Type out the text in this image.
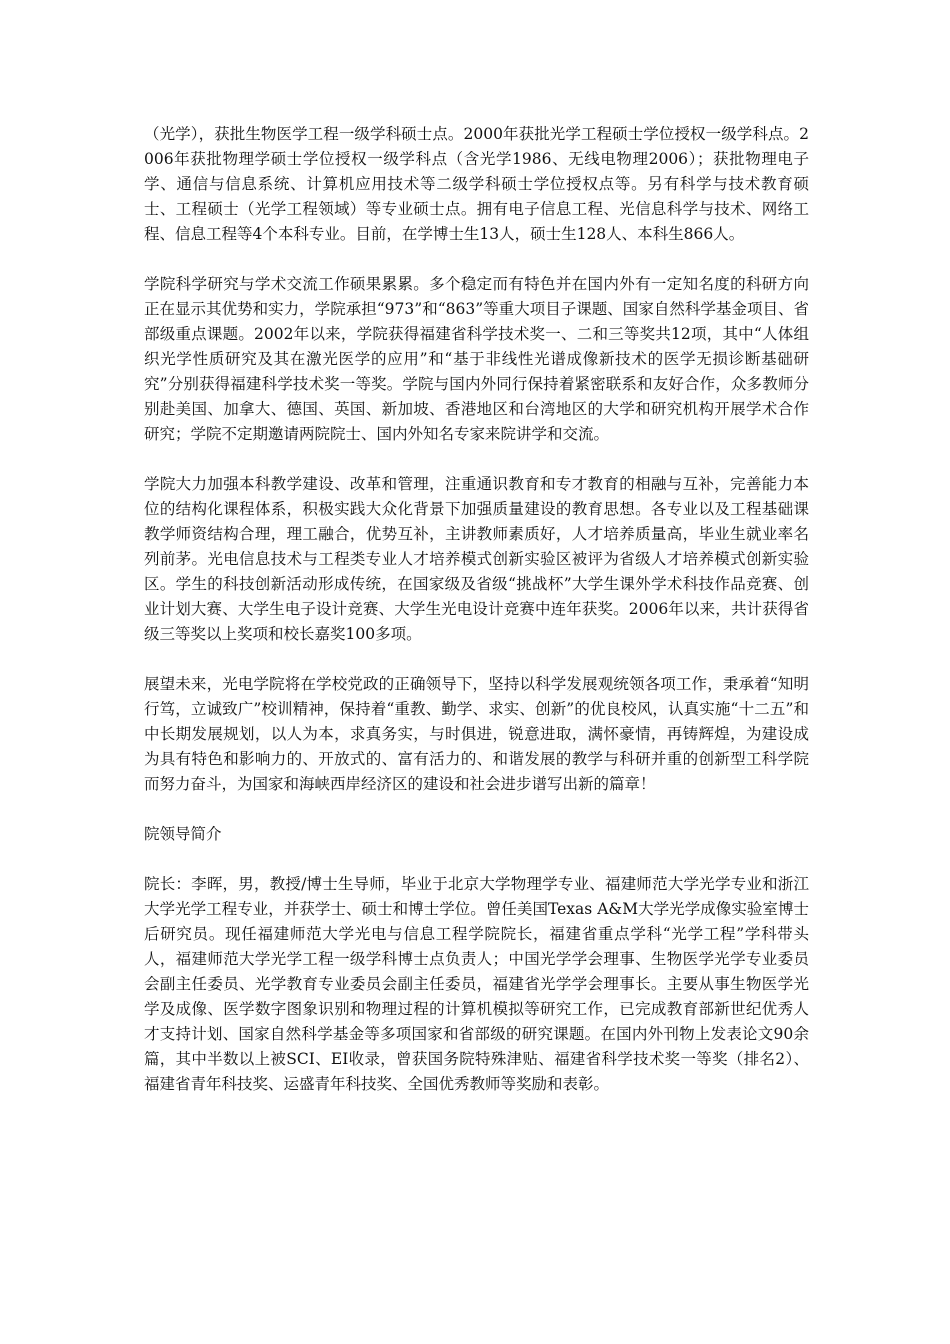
（光学），获批生物医学工程一级学科硕士点。2000年获批光学工程硕士学位授权一级学科点。2006年获批物理学硕士学位授权一级学科点（含光学1986、无线电物理2006）；获批物理电子学、通信与信息系统、计算机应用技术等二级学科硕士学位授权点等。另有科学与技术教育硕士、工程硕士（光学工程领域）等专业硕士点。拥有电子信息工程、光信息科学与技术、网络工程、信息工程等4个本科专业。目前，在学博士生13人，硕士生128人、本科生866人。

学院科学研究与学术交流工作硕果累累。多个稳定而有特色并在国内外有一定知名度的科研方向正在显示其优势和实力，学院承担“973”和“863”等重大项目子课题、国家自然科学基金项目、省部级重点课题。2002年以来，学院获得福建省科学技术奖一、二和三等奖共12项，其中“人体组织光学性质研究及其在激光医学的应用”和“基于非线性光谱成像新技术的医学无损诊断基础研究”分别获得福建科学技术奖一等奖。学院与国内外同行保持着紧密联系和友好合作，众多教师分别赴美国、加拿大、德国、英国、新加坡、香港地区和台湾地区的大学和研究机构开展学术合作研究；学院不定期邀请两院院士、国内外知名专家来院讲学和交流。

学院大力加强本科教学建设、改革和管理，注重通识教育和专才教育的相融与互补，完善能力本位的结构化课程体系，积极实践大众化背景下加强质量建设的教育思想。各专业以及工程基础课教学师资结构合理，理工融合，优势互补，主讲教师素质好，人才培养质量高，毕业生就业率名列前茅。光电信息技术与工程类专业人才培养模式创新实验区被评为省级人才培养模式创新实验区。学生的科技创新活动形成传统，在国家级及省级“挑战杯”大学生课外学术科技作品竞赛、创业计划大赛、大学生电子设计竞赛、大学生光电设计竞赛中连年获奖。2006年以来，共计获得省级三等奖以上奖项和校长嘉奖100多项。

展望未来，光电学院将在学校党政的正确领导下，坚持以科学发展观统领各项工作，秉承着“知明行笃，立诚致广”校训精神，保持着“重教、勤学、求实、创新”的优良校风，认真实施“十二五”和中长期发展规划，以人为本，求真务实，与时俱进，锐意进取，满怀豪情，再铸辉煌，为建设成为具有特色和影响力的、开放式的、富有活力的、和谐发展的教学与科研并重的创新型工科学院而努力奋斗，为国家和海峡西岸经济区的建设和社会进步谱写出新的篇章！

院领导简介

院长：李晖，男，教授/博士生导师，毕业于北京大学物理学专业、福建师范大学光学专业和浙江大学光学工程专业，并获学士、硕士和博士学位。曾任美国Texas A&M大学光学成像实验室博士后研究员。现任福建师范大学光电与信息工程学院院长，福建省重点学科“光学工程”学科带头人，福建师范大学光学工程一级学科博士点负责人；中国光学学会理事、生物医学光学专业委员会副主任委员、光学教育专业委员会副主任委员，福建省光学学会理事长。主要从事生物医学光学及成像、医学数字图象识别和物理过程的计算机模拟等研究工作，已完成教育部新世纪优秀人才支持计划、国家自然科学基金等多项国家和省部级的研究课题。在国内外刊物上发表论文90余篇，其中半数以上被SCI、EI收录，曾获国务院特殊津贴、福建省科学技术奖一等奖（排名2）、福建省青年科技奖、运盛青年科技奖、全国优秀教师等奖励和表彰。
